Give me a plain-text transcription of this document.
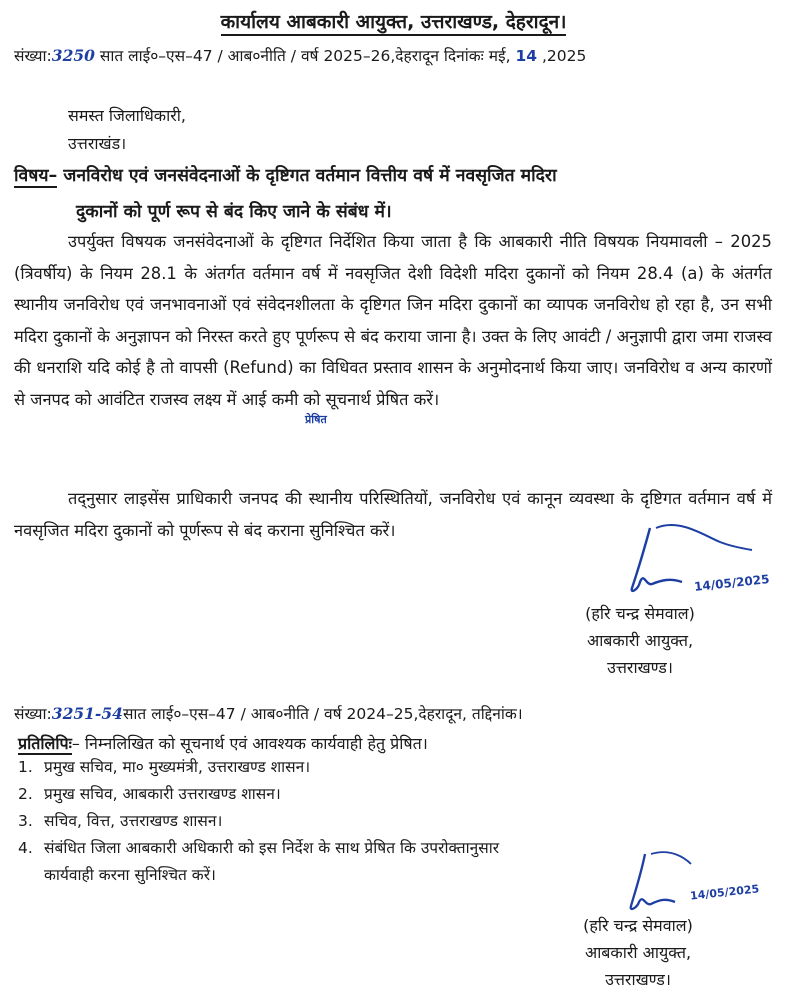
कार्यालय आबकारी आयुक्त, उत्तराखण्ड, देहरादून।
संख्या:3250 सात लाई०–एस–47 / आब०नीति / वर्ष 2025–26,देहरादून दिनांकः मई, 14 ,2025
समस्त जिलाधिकारी,
उत्तराखंड।
विषय– जनविरोध एवं जनसंवेदनाओं के दृष्टिगत वर्तमान वित्तीय वर्ष में नवसृजित मदिरा
दुकानों को पूर्ण रूप से बंद किए जाने के संबंध में।

उपर्युक्त विषयक जनसंवेदनाओं के दृष्टिगत निर्देशित किया जाता है कि आबकारी नीति विषयक नियमावली – 2025 (त्रिवर्षीय) के नियम 28.1 के अंतर्गत वर्तमान वर्ष में नवसृजित देशी विदेशी मदिरा दुकानों को नियम 28.4 (a) के अंतर्गत स्थानीय जनविरोध एवं जनभावनाओं एवं संवेदनशीलता के दृष्टिगत जिन मदिरा दुकानों का व्यापक जनविरोध हो रहा है, उन सभी मदिरा दुकानों के अनुज्ञापन को निरस्त करते हुए पूर्णरूप से बंद कराया जाना है। उक्त के लिए आवंटी / अनुज्ञापी द्वारा जमा राजस्व की धनराशि यदि कोई है तो वापसी (Refund) का विधिवत प्रस्ताव शासन के अनुमोदनार्थ किया जाए। जनविरोध व अन्य कारणों से जनपद को आवंटित राजस्व लक्ष्य में आई कमी को सूचनार्थ प्रेषित करें।

प्रेषित

तद्नुसार लाइसेंस प्राधिकारी जनपद की स्थानीय परिस्थितियों, जनविरोध एवं कानून व्यवस्था के दृष्टिगत वर्तमान वर्ष में नवसृजित मदिरा दुकानों को पूर्णरूप से बंद कराना सुनिश्चित करें।

14/05/2025
(हरि चन्द्र सेमवाल)
आबकारी आयुक्त,
उत्तराखण्ड।
संख्या:3251-54सात लाई०–एस–47 / आब०नीति / वर्ष 2024–25,देहरादून, तद्दिनांक।
प्रतिलिपिः– निम्नलिखित को सूचनार्थ एवं आवश्यक कार्यवाही हेतु प्रेषित।
1. प्रमुख सचिव, मा० मुख्यमंत्री, उत्तराखण्ड शासन।
2. प्रमुख सचिव, आबकारी उत्तराखण्ड शासन।
3. सचिव, वित्त, उत्तराखण्ड शासन।
4. संबंधित जिला आबकारी अधिकारी को इस निर्देश के साथ प्रेषित कि उपरोक्तानुसार
कार्यवाही करना सुनिश्चित करें।
14/05/2025
(हरि चन्द्र सेमवाल)
आबकारी आयुक्त,
उत्तराखण्ड।
